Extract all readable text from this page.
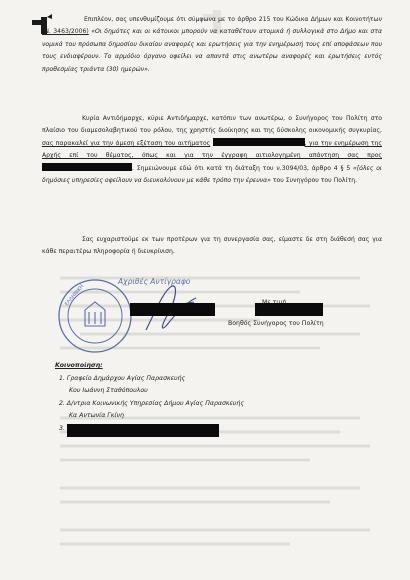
Επιπλέον, σας υπενθυμίζουμε ότι σύμφωνα με το άρθρο 215 του Κώδικα Δήμων και Κοινοτήτων (Ν. 3463/2006) «Οι δημότες και οι κάτοικοι μπορούν να καταθέτουν ατομικά ή συλλογικά στο Δήμο και στα νομικά του πρόσωπα δημοσίου δικαίου αναφορές και ερωτήσεις για την ενημέρωσή τους επί αποφάσεων που τους ενδιαφέρουν. Το αρμόδιο όργανο οφείλει να απαντά στις ανωτέρω αναφορές και ερωτήσεις εντός προθεσμίας τριάντα (30) ημερών».
Κυρία Αντιδήμαρχε, κύριε Αντιδήμαρχε, κατόπιν των ανωτέρω, ο Συνήγορος του Πολίτη στο πλαίσιο του διαμεσολαβητικού του ρόλου, της χρηστής διοίκησης και της δύσκολης οικονομικής συγκυρίας, σας παρακαλεί για την άμεση εξέταση του αιτήματος	, για την ενημέρωση της Αρχής επί του θέματος, όπως και για την έγγραφη αιτιολογημένη απάντηση σας προς . Σημειώνουμε εδώ ότι κατά τη διάταξη του ν.3094/03, άρθρο 4 § 5 «[όλες οι δημόσιες υπηρεσίες οφείλουν να διευκολύνουν με κάθε τρόπο την έρευνα» του Συνηγόρου του Πολίτη.
Σας ευχαριστούμε εκ των προτέρων για τη συνεργασία σας, είμαστε δε στη διάθεσή σας για κάθε περαιτέρω πληροφορία ή διευκρίνιση.
ΕΛΛΗΝΙΚΗ
Αχριθές Αντίγραφο
Βοηθός Συνήγορος του Πολίτη
Κοινοποίηση:
1. Γραφείο Δημάρχου Αγίας Παρασκευής
Κου Ιωάννη Σταθόπουλου
2. Δ/ντρια Κοινωνικής Υπηρεσίας Δήμου Αγίας Παρασκευής
Κα Αντωνία Γκίνη
3.
